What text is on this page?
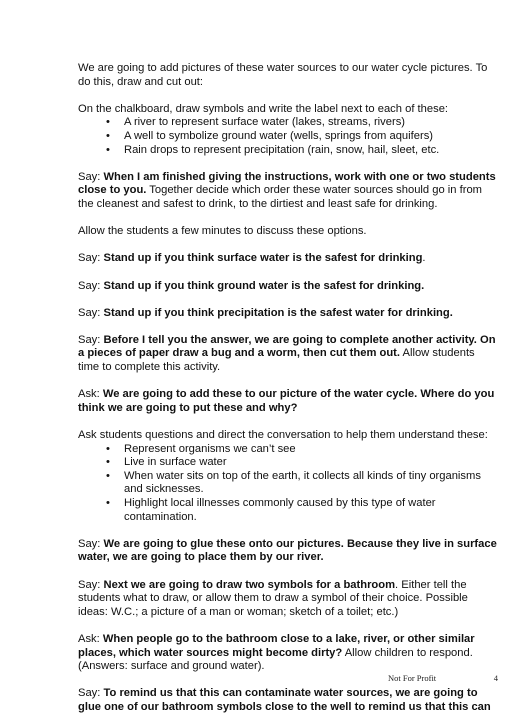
We are going to add pictures of these water sources to our water cycle pictures. To do this, draw and cut out:

On the chalkboard, draw symbols and write the label next to each of these:

• A river to represent surface water (lakes, streams, rivers)
• A well to symbolize ground water (wells, springs from aquifers)
• Rain drops to represent precipitation (rain, snow, hail, sleet, etc.

Say: When I am finished giving the instructions, work with one or two students close to you. Together decide which order these water sources should go in from the cleanest and safest to drink, to the dirtiest and least safe for drinking.

Allow the students a few minutes to discuss these options.

Say: Stand up if you think surface water is the safest for drinking.

Say: Stand up if you think ground water is the safest for drinking.

Say: Stand up if you think precipitation is the safest water for drinking.

Say: Before I tell you the answer, we are going to complete another activity. On a pieces of paper draw a bug and a worm, then cut them out. Allow students time to complete this activity.

Ask: We are going to add these to our picture of the water cycle. Where do you think we are going to put these and why?

Ask students questions and direct the conversation to help them understand these:

• Represent organisms we can’t see
• Live in surface water
• When water sits on top of the earth, it collects all kinds of tiny organisms and sicknesses.
• Highlight local illnesses commonly caused by this type of water contamination.

Say: We are going to glue these onto our pictures. Because they live in surface water, we are going to place them by our river.

Say: Next we are going to draw two symbols for a bathroom. Either tell the students what to draw, or allow them to draw a symbol of their choice. Possible ideas: W.C.; a picture of a man or woman; sketch of a toilet; etc.)

Ask: When people go to the bathroom close to a lake, river, or other similar places, which water sources might become dirty? Allow children to respond. (Answers: surface and ground water).

Say: To remind us that this can contaminate water sources, we are going to glue one of our bathroom symbols close to the well to remind us that this can

Not For Profit	4
